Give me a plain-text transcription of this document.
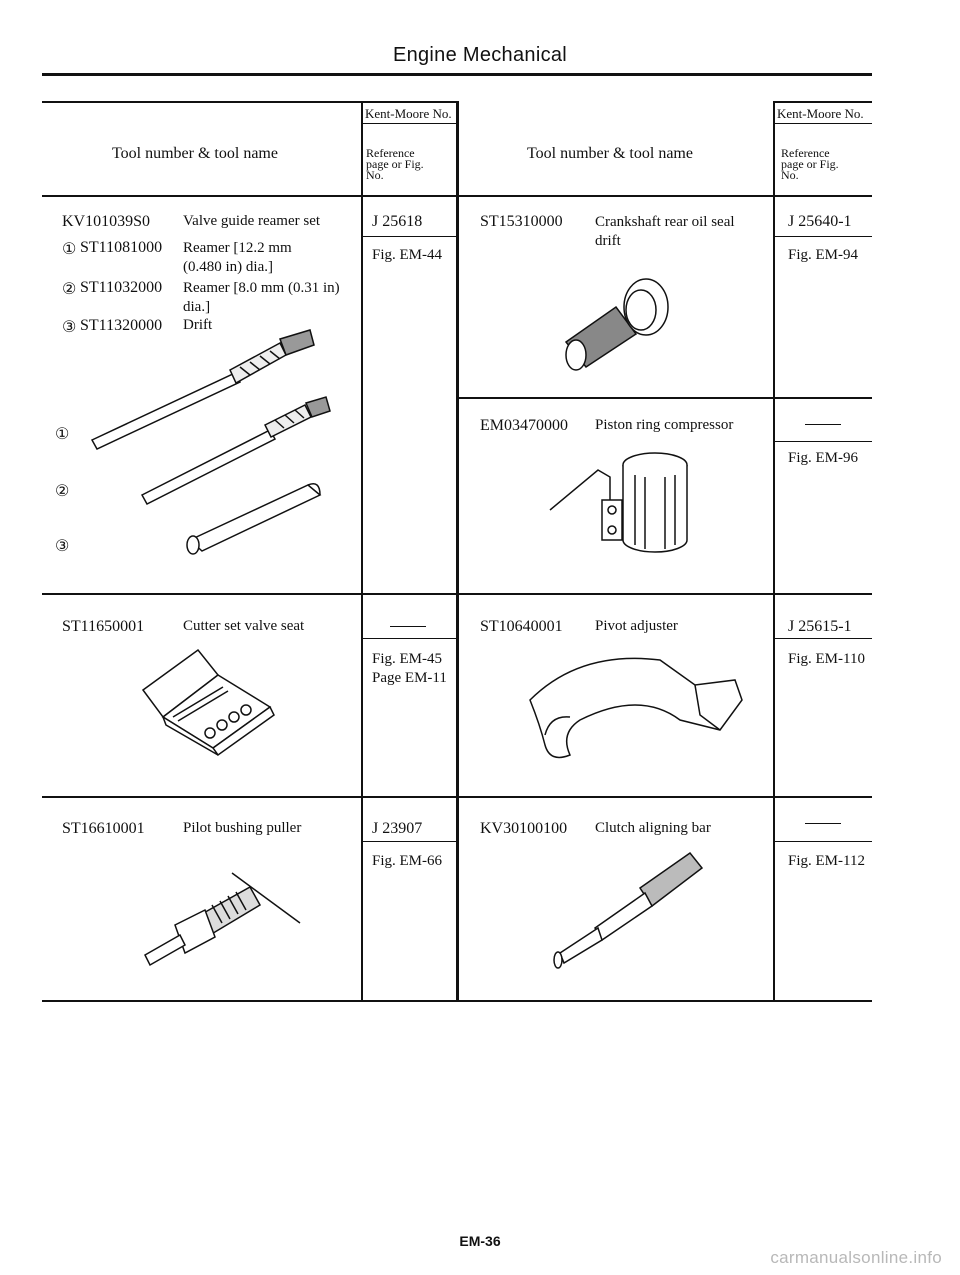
Engine Mechanical
Tool number & tool name
Kent-Moore No.
Reference page or Fig. No.
Tool number & tool name
Kent-Moore No.
Reference page or Fig. No.
KV101039S0 Valve guide reamer set
① ST11081000 Reamer [12.2 mm (0.480 in) dia.]
② ST11032000 Reamer [8.0 mm (0.31 in) dia.]
③ ST11320000 Drift
J 25618
Fig. EM-44
①
②
③
ST11650001	Cutter set valve seat
Fig. EM-45
Page EM-11
ST16610001	Pilot bushing puller	J 23907
Fig. EM-66
ST15310000 Crankshaft rear oil seal drift
J 25640-1
Fig. EM-94
EM03470000 Piston ring compressor
Fig. EM-96
ST10640001 Pivot adjuster	J 25615-1
Fig. EM-110
KV30100100 Clutch aligning bar
Fig. EM-112
EM-36
carmanualsonline.info
